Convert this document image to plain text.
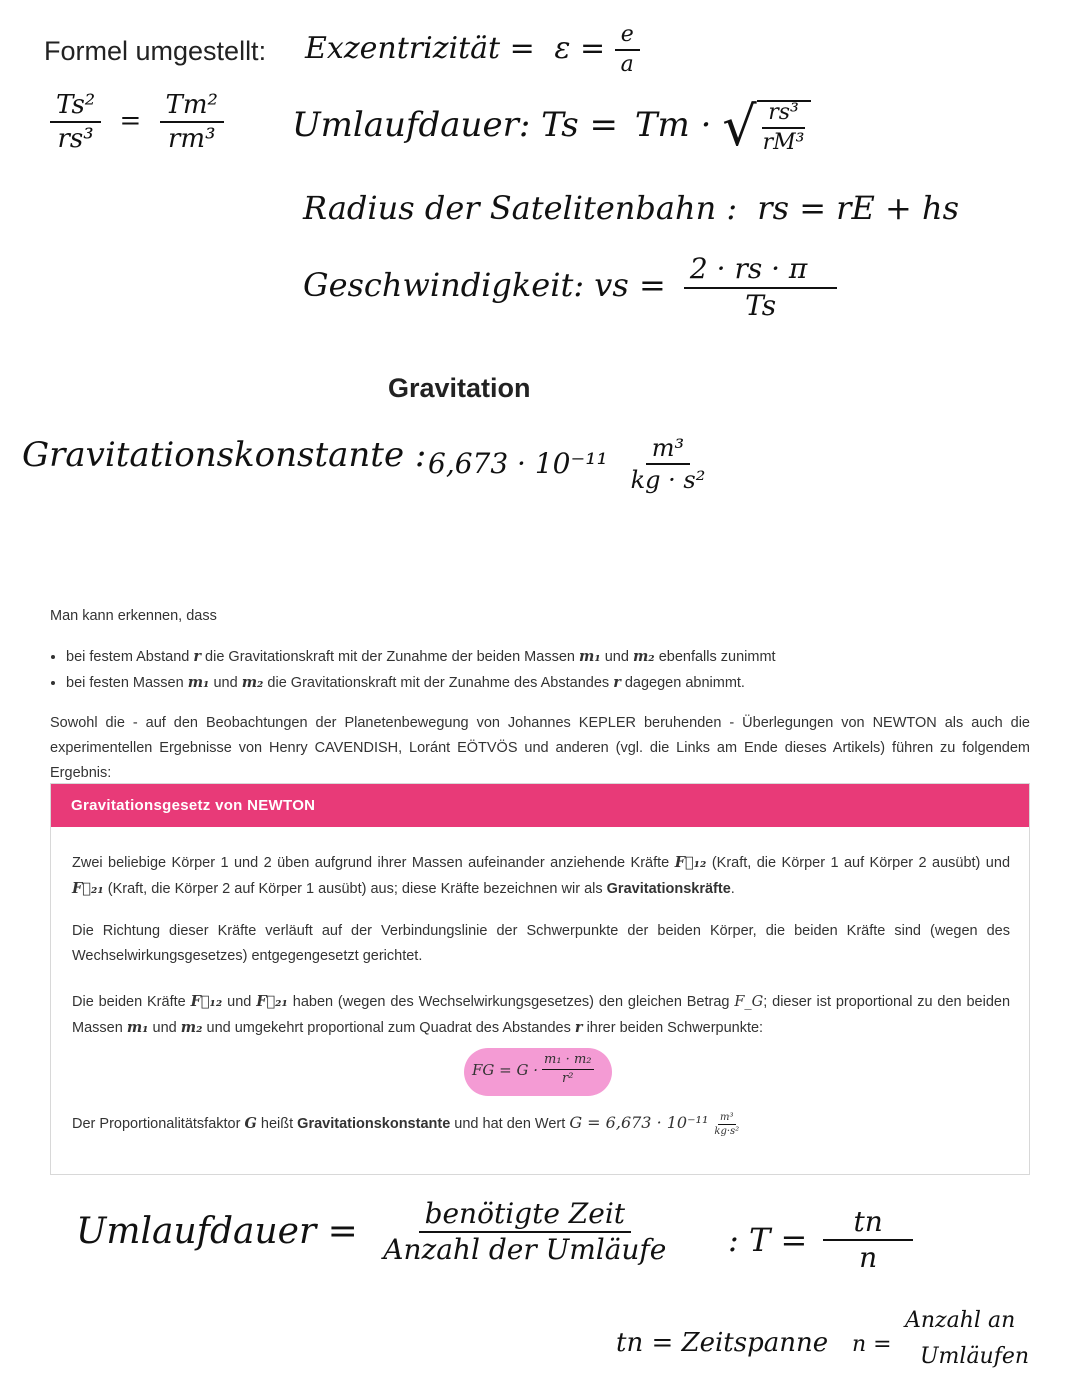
Formel umgestellt:
$\frac{\text{Ts²}}{\text{rs³}} = \frac{\text{Tm²}}{\text{rm³}}$
Exzentrizität = $\varepsilon = \frac{e}{a}$
Umlaufdauer: Ts = Tm · √ $\frac{\text{rs³}}{\text{rM³}}$
Radius der Satelitenbahn : rs = rE + hs
Geschwindigkeit: vs = $\frac{2 \cdot rs \cdot \pi}{Ts}$
Gravitation
Gravitationskonstante : $6,673 \cdot 10^{-11} \frac{\text{m³}}{\text{kg · s²}}$
Man kann erkennen, dass
• bei festem Abstand r die Gravitationskraft mit der Zunahme der beiden Massen m₁ und m₂ ebenfalls zunimmt
• bei festen Massen m₁ und m₂ die Gravitationskraft mit der Zunahme des Abstandes r dagegen abnimmt.
Sowohl die - auf den Beobachtungen der Planetenbewegung von Johannes KEPLER beruhenden - Überlegungen von NEWTON als auch die experimentellen Ergebnisse von Henry CAVENDISH, Loránt EÖTVÖS und anderen (vgl. die Links am Ende dieses Artikels) führen zu folgendem Ergebnis:
Gravitationsgesetz von NEWTON

Zwei beliebige Körper 1 und 2 üben aufgrund ihrer Massen aufeinander anziehende Kräfte F⃗₁₂ (Kraft, die Körper 1 auf Körper 2 ausübt) und F⃗₂₁ (Kraft, die Körper 2 auf Körper 1 ausübt) aus; diese Kräfte bezeichnen wir als Gravitationskräfte.

Die Richtung dieser Kräfte verläuft auf der Verbindungslinie der Schwerpunkte der beiden Körper, die beiden Kräfte sind (wegen des Wechselwirkungsgesetzes) entgegengesetzt gerichtet.

Die beiden Kräfte F⃗₁₂ und F⃗₂₁ haben (wegen des Wechselwirkungsgesetzes) den gleichen Betrag F_G; dieser ist proportional zu den beiden Massen m₁ und m₂ und umgekehrt proportional zum Quadrat des Abstandes r ihrer beiden Schwerpunkte:

Der Proportionalitätsfaktor G heißt Gravitationskonstante und hat den Wert $G = 6,673 \cdot 10^{-11} \frac{\text{m³}}{\text{kg·s²}}$

FG = $G \cdot \frac{\text{m₁ · m₂}}{\text{r²}}$
Umlaufdauer = $\frac{\text{benötigte Zeit}}{\text{Anzahl der Umläufe}}$ : $T = \frac{tn}{n}$
tn = Zeitspanne n =
Anzahl an
Umläufen
